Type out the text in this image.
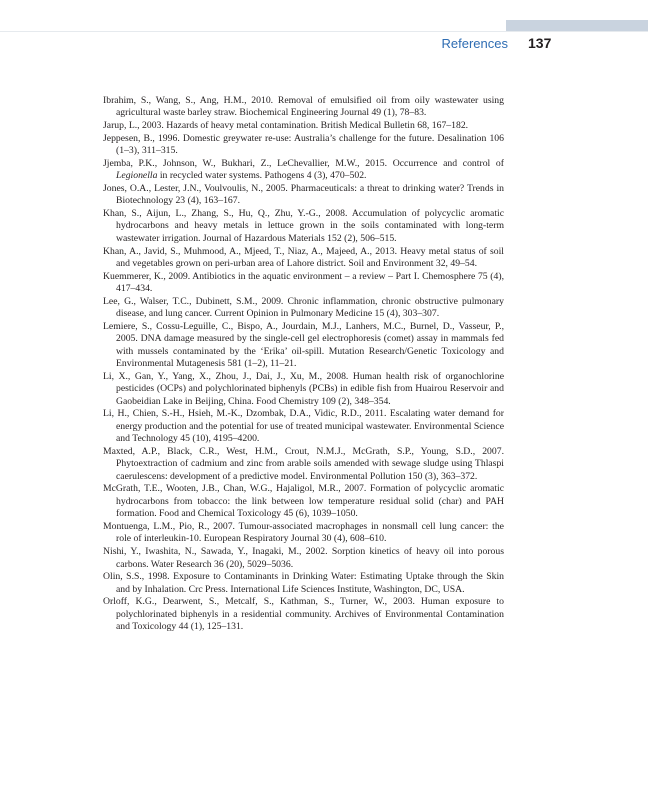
References 137
Ibrahim, S., Wang, S., Ang, H.M., 2010. Removal of emulsified oil from oily wastewater using agricultural waste barley straw. Biochemical Engineering Journal 49 (1), 78–83.
Jarup, L., 2003. Hazards of heavy metal contamination. British Medical Bulletin 68, 167–182.
Jeppesen, B., 1996. Domestic greywater re-use: Australia’s challenge for the future. Desalination 106 (1–3), 311–315.
Jjemba, P.K., Johnson, W., Bukhari, Z., LeChevallier, M.W., 2015. Occurrence and control of Legionella in recycled water systems. Pathogens 4 (3), 470–502.
Jones, O.A., Lester, J.N., Voulvoulis, N., 2005. Pharmaceuticals: a threat to drinking water? Trends in Biotechnology 23 (4), 163–167.
Khan, S., Aijun, L., Zhang, S., Hu, Q., Zhu, Y.-G., 2008. Accumulation of polycyclic aromatic hydrocarbons and heavy metals in lettuce grown in the soils contaminated with long-term wastewater irrigation. Journal of Hazardous Materials 152 (2), 506–515.
Khan, A., Javid, S., Muhmood, A., Mjeed, T., Niaz, A., Majeed, A., 2013. Heavy metal status of soil and vegetables grown on peri-urban area of Lahore district. Soil and Environment 32, 49–54.
Kuemmerer, K., 2009. Antibiotics in the aquatic environment – a review – Part I. Chemosphere 75 (4), 417–434.
Lee, G., Walser, T.C., Dubinett, S.M., 2009. Chronic inflammation, chronic obstructive pulmonary disease, and lung cancer. Current Opinion in Pulmonary Medicine 15 (4), 303–307.
Lemiere, S., Cossu-Leguille, C., Bispo, A., Jourdain, M.J., Lanhers, M.C., Burnel, D., Vasseur, P., 2005. DNA damage measured by the single-cell gel electrophoresis (comet) assay in mammals fed with mussels contaminated by the ‘Erika’ oil-spill. Mutation Research/Genetic Toxicology and Environmental Mutagenesis 581 (1–2), 11–21.
Li, X., Gan, Y., Yang, X., Zhou, J., Dai, J., Xu, M., 2008. Human health risk of organochlorine pesticides (OCPs) and polychlorinated biphenyls (PCBs) in edible fish from Huairou Reservoir and Gaobeidian Lake in Beijing, China. Food Chemistry 109 (2), 348–354.
Li, H., Chien, S.-H., Hsieh, M.-K., Dzombak, D.A., Vidic, R.D., 2011. Escalating water demand for energy production and the potential for use of treated municipal wastewater. Environmental Science and Technology 45 (10), 4195–4200.
Maxted, A.P., Black, C.R., West, H.M., Crout, N.M.J., McGrath, S.P., Young, S.D., 2007. Phytoextraction of cadmium and zinc from arable soils amended with sewage sludge using Thlaspi caerulescens: development of a predictive model. Environmental Pollution 150 (3), 363–372.
McGrath, T.E., Wooten, J.B., Chan, W.G., Hajaligol, M.R., 2007. Formation of polycyclic aromatic hydrocarbons from tobacco: the link between low temperature residual solid (char) and PAH formation. Food and Chemical Toxicology 45 (6), 1039–1050.
Montuenga, L.M., Pio, R., 2007. Tumour-associated macrophages in nonsmall cell lung cancer: the role of interleukin-10. European Respiratory Journal 30 (4), 608–610.
Nishi, Y., Iwashita, N., Sawada, Y., Inagaki, M., 2002. Sorption kinetics of heavy oil into porous carbons. Water Research 36 (20), 5029–5036.
Olin, S.S., 1998. Exposure to Contaminants in Drinking Water: Estimating Uptake through the Skin and by Inhalation. Crc Press. International Life Sciences Institute, Washington, DC, USA.
Orloff, K.G., Dearwent, S., Metcalf, S., Kathman, S., Turner, W., 2003. Human exposure to polychlorinated biphenyls in a residential community. Archives of Environmental Contamination and Toxicology 44 (1), 125–131.
